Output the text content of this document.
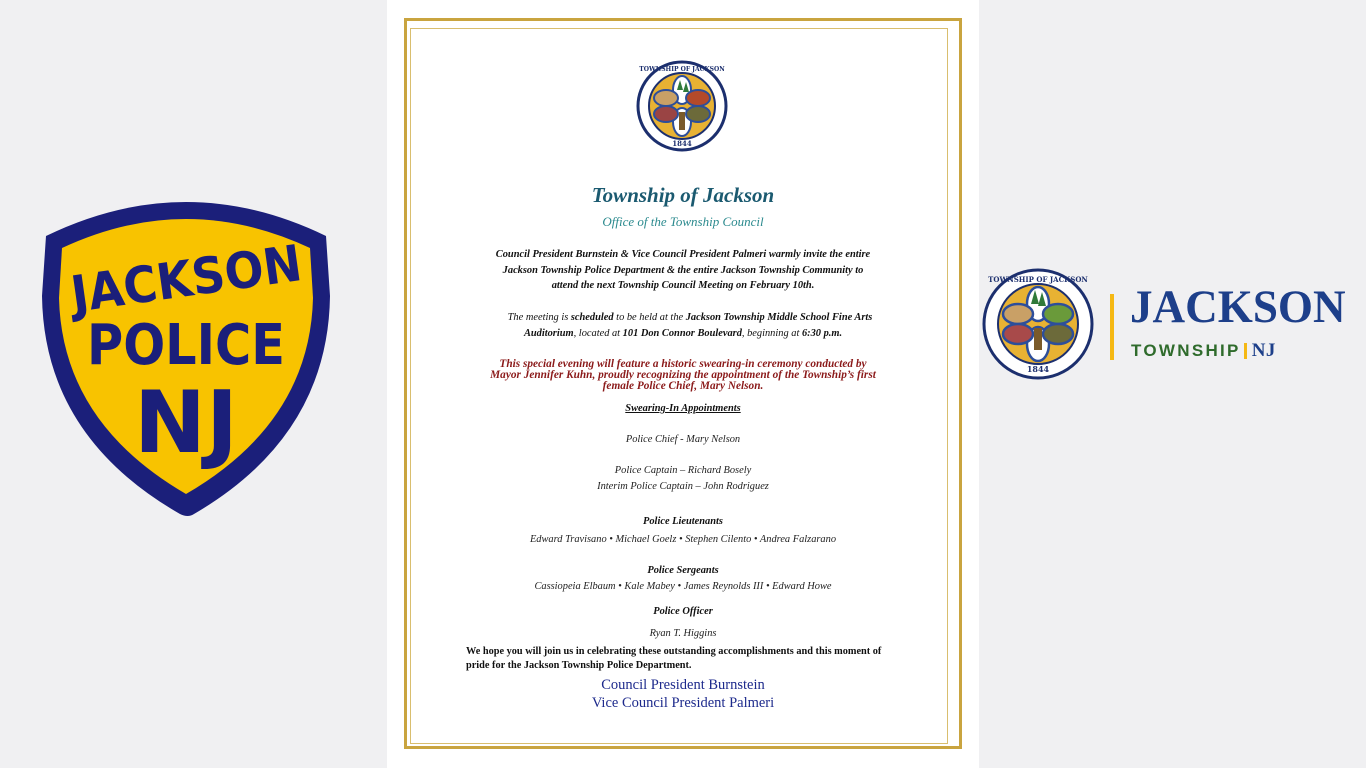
JACKSON
POLICE
NJ
TOWNSHIP OF JACKSON
1844
Township of Jackson
Office of the Township Council
Council President Burnstein & Vice Council President Palmeri warmly invite the entire
Jackson Township Police Department & the entire Jackson Township Community to
attend the next Township Council Meeting on February 10th.
The meeting is scheduled to be held at the Jackson Township Middle School Fine Arts
Auditorium, located at 101 Don Connor Boulevard, beginning at 6:30 p.m.
This special evening will feature a historic swearing-in ceremony conducted by
Mayor Jennifer Kuhn, proudly recognizing the appointment of the Township’s first
female Police Chief, Mary Nelson.
Swearing-In Appointments
Police Chief - Mary Nelson
Police Captain – Richard Bosely
Interim Police Captain – John Rodriguez
Police Lieutenants
Edward Travisano • Michael Goelz • Stephen Cilento • Andrea Falzarano
Police Sergeants
Cassiopeia Elbaum • Kale Mabey • James Reynolds III • Edward Howe
Police Officer
Ryan T. Higgins
We hope you will join us in celebrating these outstanding accomplishments and this moment of
pride for the Jackson Township Police Department.
Council President Burnstein
Vice Council President Palmeri
TOWNSHIP OF JACKSON
1844
JACKSON
TOWNSHIP NJ
